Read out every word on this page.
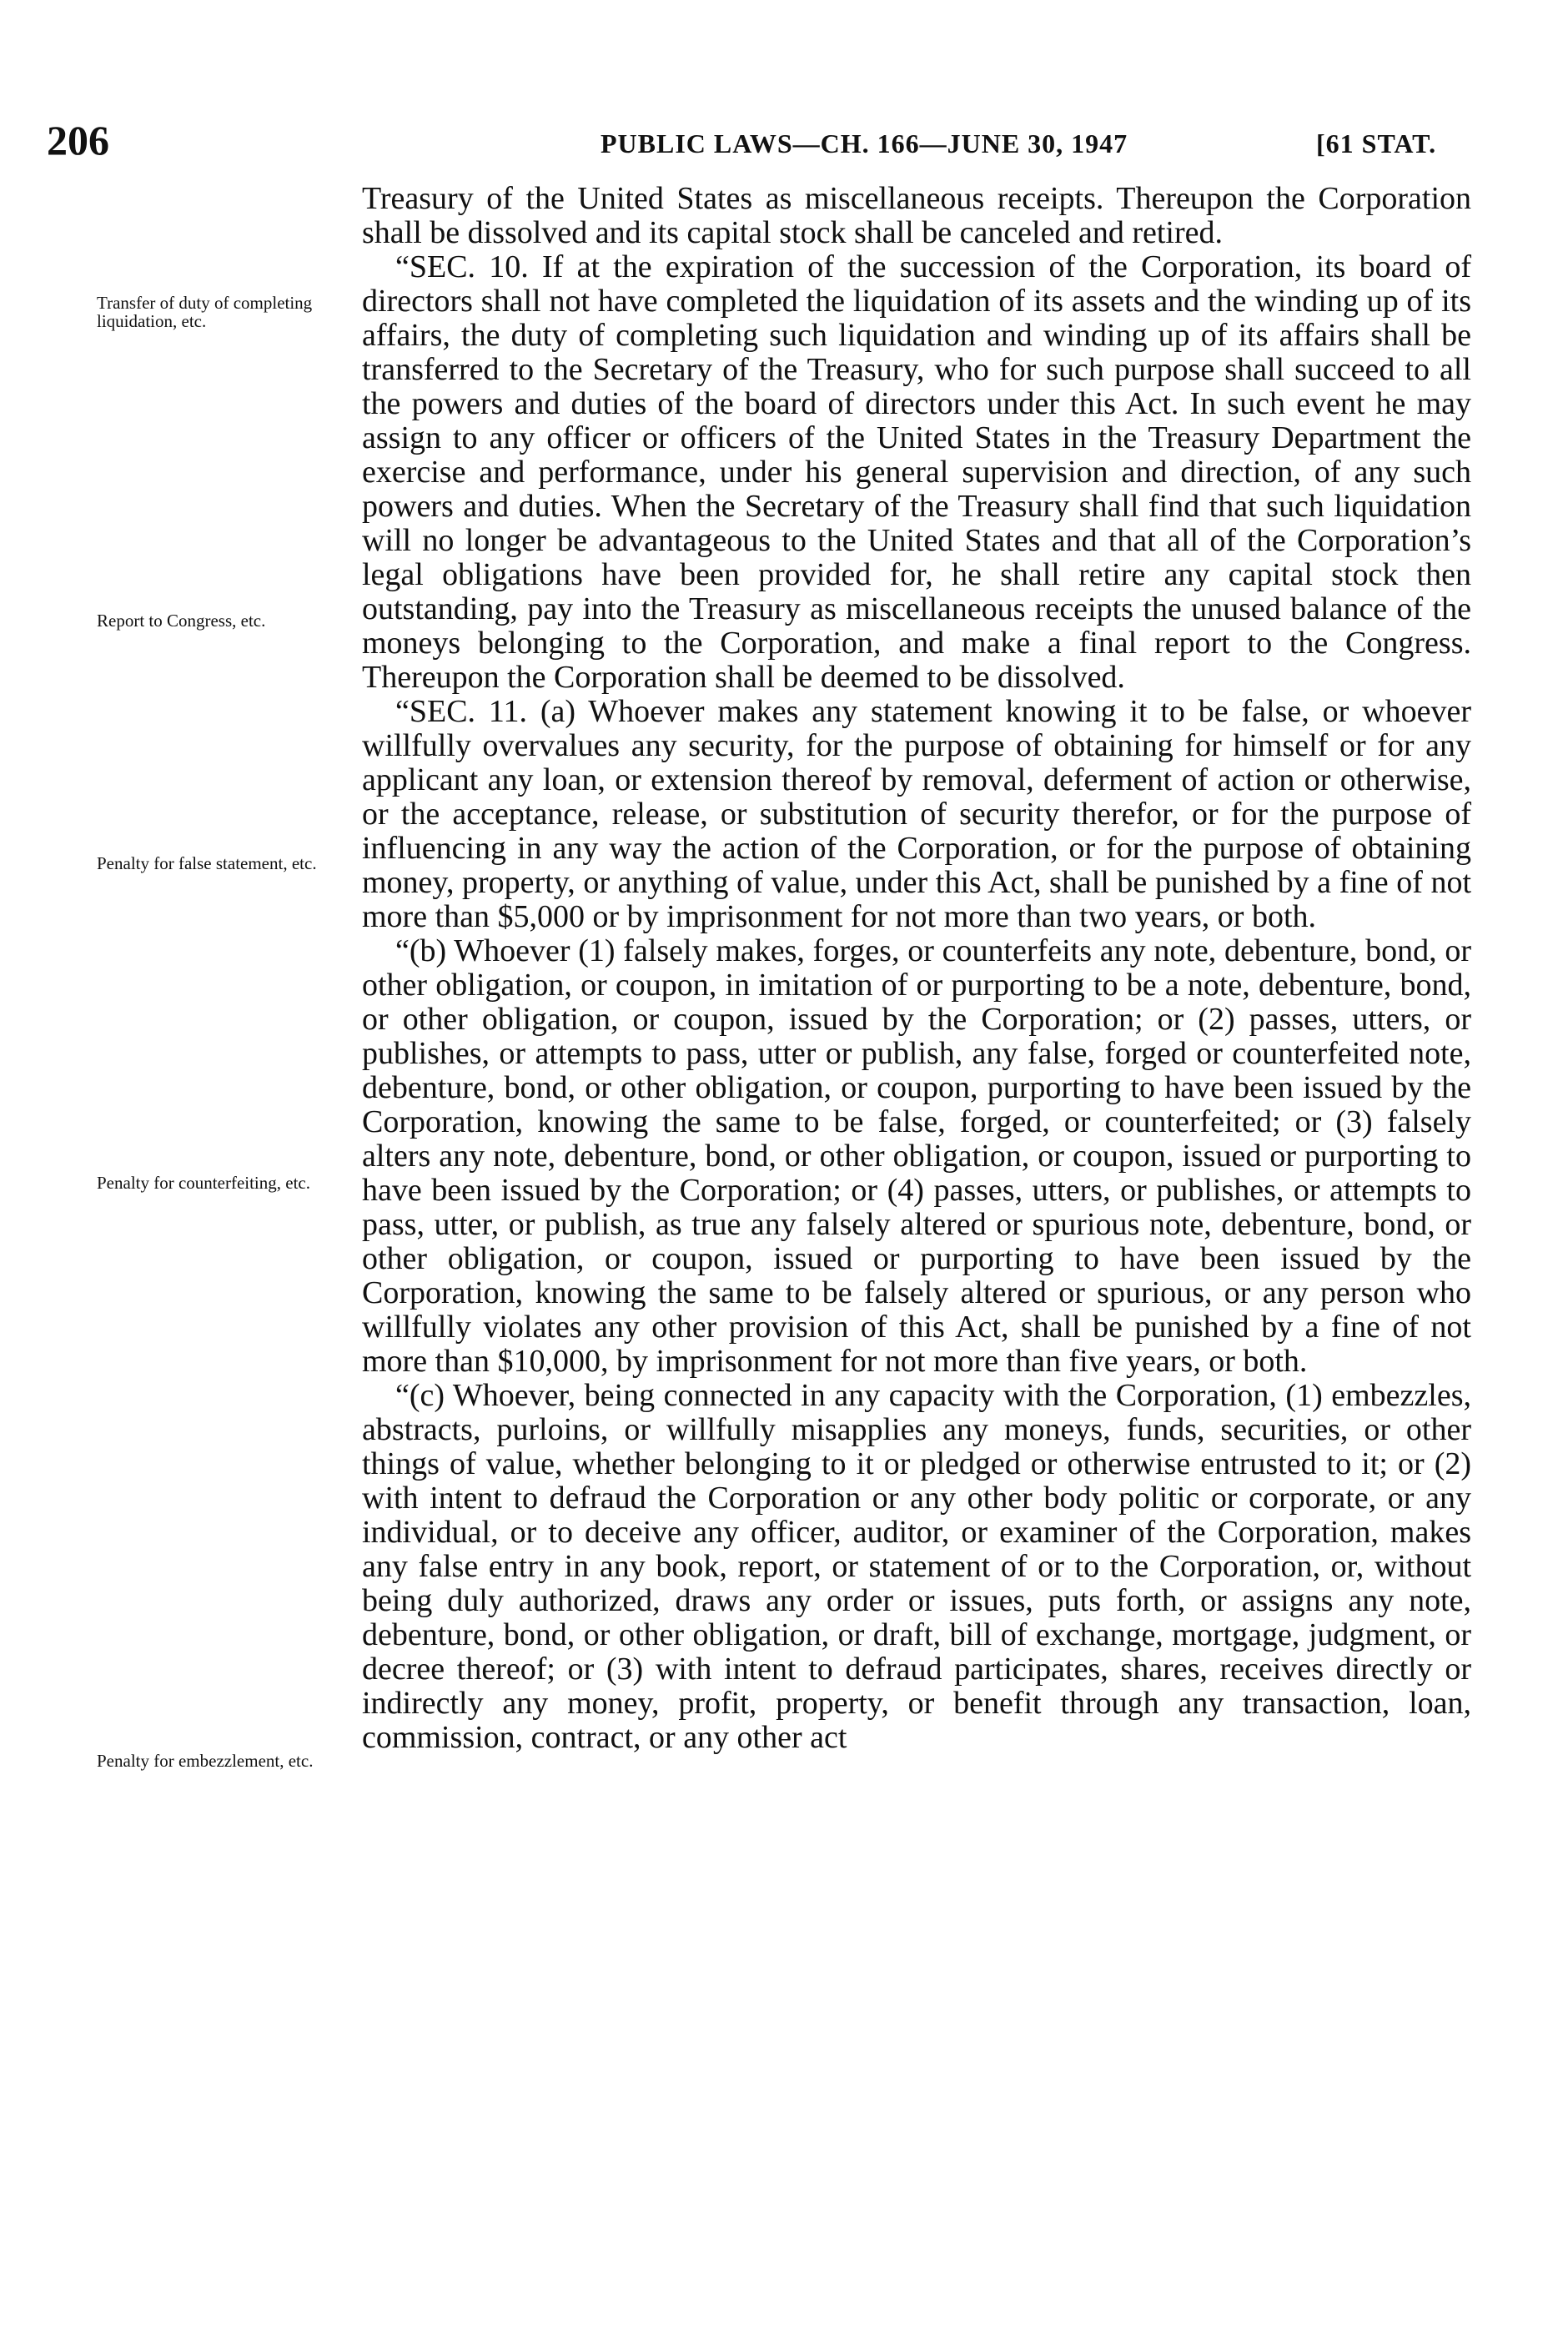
206	PUBLIC LAWS—CH. 166—JUNE 30, 1947	[61 STAT.
Transfer of duty of completing liquidation, etc.
Report to Congress, etc.
Penalty for false statement, etc.
Penalty for counterfeiting, etc.
Penalty for embezzlement, etc.

Treasury of the United States as miscellaneous receipts. Thereupon the Corporation shall be dissolved and its capital stock shall be canceled and retired.

“SEC. 10. If at the expiration of the succession of the Corporation, its board of directors shall not have completed the liquidation of its assets and the winding up of its affairs, the duty of completing such liquidation and winding up of its affairs shall be transferred to the Secretary of the Treasury, who for such purpose shall succeed to all the powers and duties of the board of directors under this Act. In such event he may assign to any officer or officers of the United States in the Treasury Department the exercise and performance, under his general supervision and direction, of any such powers and duties. When the Secretary of the Treasury shall find that such liquidation will no longer be advantageous to the United States and that all of the Corporation’s legal obligations have been provided for, he shall retire any capital stock then outstanding, pay into the Treasury as miscellaneous receipts the unused balance of the moneys belonging to the Corporation, and make a final report to the Congress. Thereupon the Corporation shall be deemed to be dissolved.

“SEC. 11. (a) Whoever makes any statement knowing it to be false, or whoever willfully overvalues any security, for the purpose of obtaining for himself or for any applicant any loan, or extension thereof by removal, deferment of action or otherwise, or the acceptance, release, or substitution of security therefor, or for the purpose of influencing in any way the action of the Corporation, or for the purpose of obtaining money, property, or anything of value, under this Act, shall be punished by a fine of not more than $5,000 or by imprisonment for not more than two years, or both.

“(b) Whoever (1) falsely makes, forges, or counterfeits any note, debenture, bond, or other obligation, or coupon, in imitation of or purporting to be a note, debenture, bond, or other obligation, or coupon, issued by the Corporation; or (2) passes, utters, or publishes, or attempts to pass, utter or publish, any false, forged or counterfeited note, debenture, bond, or other obligation, or coupon, purporting to have been issued by the Corporation, knowing the same to be false, forged, or counterfeited; or (3) falsely alters any note, debenture, bond, or other obligation, or coupon, issued or purporting to have been issued by the Corporation; or (4) passes, utters, or publishes, or attempts to pass, utter, or publish, as true any falsely altered or spurious note, debenture, bond, or other obligation, or coupon, issued or purporting to have been issued by the Corporation, knowing the same to be falsely altered or spurious, or any person who willfully violates any other provision of this Act, shall be punished by a fine of not more than $10,000, by imprisonment for not more than five years, or both.

“(c) Whoever, being connected in any capacity with the Corporation, (1) embezzles, abstracts, purloins, or willfully misapplies any moneys, funds, securities, or other things of value, whether belonging to it or pledged or otherwise entrusted to it; or (2) with intent to defraud the Corporation or any other body politic or corporate, or any individual, or to deceive any officer, auditor, or examiner of the Corporation, makes any false entry in any book, report, or statement of or to the Corporation, or, without being duly authorized, draws any order or issues, puts forth, or assigns any note, debenture, bond, or other obligation, or draft, bill of exchange, mortgage, judgment, or decree thereof; or (3) with intent to defraud participates, shares, receives directly or indirectly any money, profit, property, or benefit through any transaction, loan, commission, contract, or any other act
